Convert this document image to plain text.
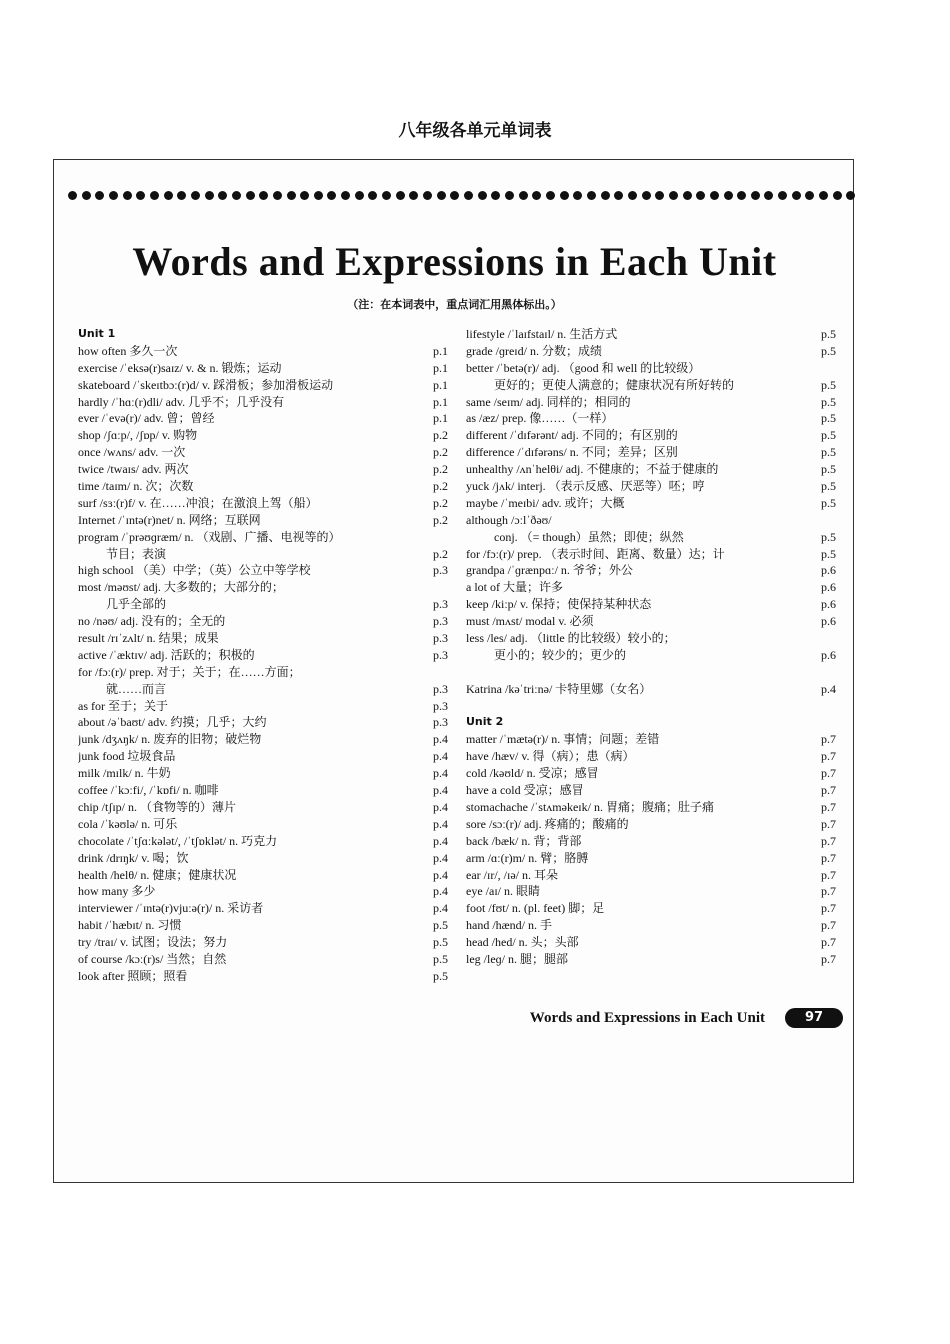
八年级各单元单词表
Words and Expressions in Each Unit
（注：在本词表中，重点词汇用黑体标出。）
Unit 1
how often 多久一次	p.1
exercise /ˈeksə(r)saɪz/ v. & n. 锻炼；运动	p.1
skateboard /ˈskeɪtbɔː(r)d/ v. 踩滑板；参加滑板运动	p.1
hardly /ˈhɑː(r)dli/ adv. 几乎不；几乎没有	p.1
ever /ˈevə(r)/ adv. 曾；曾经	p.1
shop /ʃɑːp/, /ʃɒp/ v. 购物	p.2
once /wʌns/ adv. 一次	p.2
twice /twaɪs/ adv. 两次	p.2
time /taɪm/ n. 次；次数	p.2
surf /sɜː(r)f/ v. 在……冲浪；在激浪上驾（船）	p.2
Internet /ˈɪntə(r)net/ n. 网络；互联网	p.2
program /ˈprəʊɡræm/ n. （戏剧、广播、电视等的）
节目；表演	p.2
high school （美）中学；（英）公立中等学校	p.3
most /məʊst/ adj. 大多数的；大部分的；
几乎全部的	p.3
no /nəʊ/ adj. 没有的；全无的	p.3
result /rɪˈzʌlt/ n. 结果；成果	p.3
active /ˈæktɪv/ adj. 活跃的；积极的	p.3
for /fɔː(r)/ prep. 对于；关于；在……方面；
就……而言	p.3
as for 至于；关于	p.3
about /əˈbaʊt/ adv. 约摸；几乎；大约	p.3
junk /dʒʌŋk/ n. 废弃的旧物；破烂物	p.4
junk food 垃圾食品	p.4
milk /mɪlk/ n. 牛奶	p.4
coffee /ˈkɔːfi/, /ˈkɒfi/ n. 咖啡	p.4
chip /tʃɪp/ n. （食物等的）薄片	p.4
cola /ˈkəʊlə/ n. 可乐	p.4
chocolate /ˈtʃɑːkələt/, /ˈtʃɒklət/ n. 巧克力	p.4
drink /drɪŋk/ v. 喝；饮	p.4
health /helθ/ n. 健康；健康状况	p.4
how many 多少	p.4
interviewer /ˈɪntə(r)vjuːə(r)/ n. 采访者	p.4
habit /ˈhæbɪt/ n. 习惯	p.5
try /traɪ/ v. 试图；设法；努力	p.5
of course /kɔː(r)s/ 当然；自然	p.5
look after 照顾；照看	p.5
lifestyle /ˈlaɪfstaɪl/ n. 生活方式	p.5
grade /ɡreɪd/ n. 分数；成绩	p.5
better /ˈbetə(r)/ adj. （good 和 well 的比较级）
更好的；更使人满意的；健康状况有所好转的	p.5
same /seɪm/ adj. 同样的；相同的	p.5
as /æz/ prep. 像……（一样）	p.5
different /ˈdɪfərənt/ adj. 不同的；有区别的	p.5
difference /ˈdɪfərəns/ n. 不同；差异；区别	p.5
unhealthy /ʌnˈhelθi/ adj. 不健康的；不益于健康的	p.5
yuck /jʌk/ interj. （表示反感、厌恶等）呸；哼	p.5
maybe /ˈmeɪbi/ adv. 或许；大概	p.5
although /ɔːlˈðəʊ/
conj. （= though）虽然；即使；纵然	p.5
for /fɔː(r)/ prep. （表示时间、距离、数量）达；计	p.5
grandpa /ˈɡrænpɑː/ n. 爷爷；外公	p.6
a lot of 大量；许多	p.6
keep /kiːp/ v. 保持；使保持某种状态	p.6
must /mʌst/ modal v. 必须	p.6
less /les/ adj. （little 的比较级）较小的；
更小的；较少的；更少的	p.6
Katrina /kəˈtriːnə/ 卡特里娜（女名）	p.4
Unit 2
matter /ˈmætə(r)/ n. 事情；问题；差错	p.7
have /hæv/ v. 得（病）；患（病）	p.7
cold /kəʊld/ n. 受凉；感冒	p.7
have a cold 受凉；感冒	p.7
stomachache /ˈstʌməkeɪk/ n. 胃痛；腹痛；肚子痛	p.7
sore /sɔː(r)/ adj. 疼痛的；酸痛的	p.7
back /bæk/ n. 背；背部	p.7
arm /ɑː(r)m/ n. 臂；胳膊	p.7
ear /ɪr/, /ɪə/ n. 耳朵	p.7
eye /aɪ/ n. 眼睛	p.7
foot /fʊt/ n. (pl. feet) 脚；足	p.7
hand /hænd/ n. 手	p.7
head /hed/ n. 头；头部	p.7
leg /leɡ/ n. 腿；腿部	p.7
Words and Expressions in Each Unit	97
